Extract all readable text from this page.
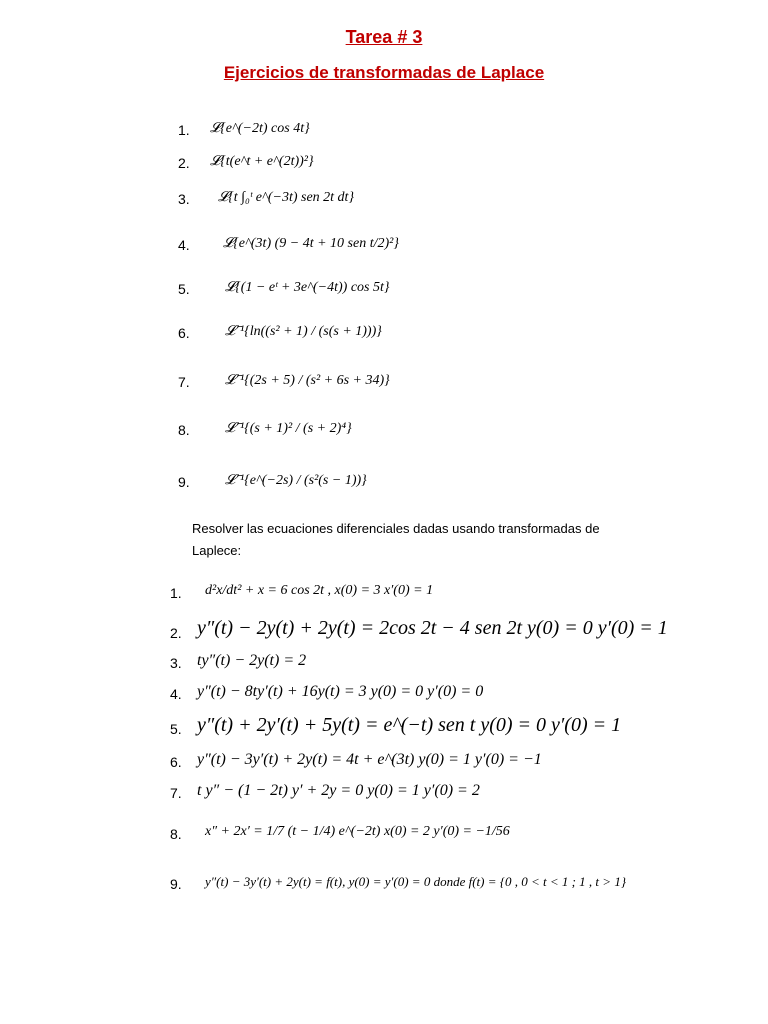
Tarea # 3
Ejercicios de transformadas de Laplace
1. 𝓛{e^(−2t) cos 4t}
2. 𝓛{t(e^t + e^(2t))²}
3. 𝓛{t ∫₀ᵗ e^(−3t) sen 2t dt}
4. 𝓛{e^(3t) (9 − 4t + 10 sen t/2)²}
5.	𝓛{(1 − eᵗ + 3e^(−4t)) cos 5t}
6.	𝓛⁻¹{ln((s² + 1) / (s(s + 1)))}
7.	𝓛⁻¹{(2s + 5) / (s² + 6s + 34)}
8.	𝓛⁻¹{(s + 1)² / (s + 2)⁴}
9.	𝓛⁻¹{e^(−2s) / (s²(s − 1))}
Resolver las ecuaciones diferenciales dadas usando transformadas de Laplece:
1. d²x/dt² + x = 6 cos 2t , x(0) = 3 x′(0) = 1
2. y″(t) − 2y(t) + 2y(t) = 2cos 2t − 4 sen 2t y(0) = 0 y′(0) = 1
3. ty″(t) − 2y(t) = 2
4. y″(t) − 8ty′(t) + 16y(t) = 3 y(0) = 0 y′(0) = 0
5. y″(t) + 2y′(t) + 5y(t) = e^(−t) sen t y(0) = 0 y′(0) = 1
6. y″(t) − 3y′(t) + 2y(t) = 4t + e^(3t) y(0) = 1 y′(0) = −1
7. t y″ − (1 − 2t) y′ + 2y = 0 y(0) = 1 y′(0) = 2
8. x″ + 2x′ = 1/7 (t − 1/4) e^(−2t) x(0) = 2 y′(0) = −1/56
9. y″(t) − 3y′(t) + 2y(t) = f(t), y(0) = y′(0) = 0 donde f(t) = {0 , 0 < t < 1 ; 1 , t > 1}
